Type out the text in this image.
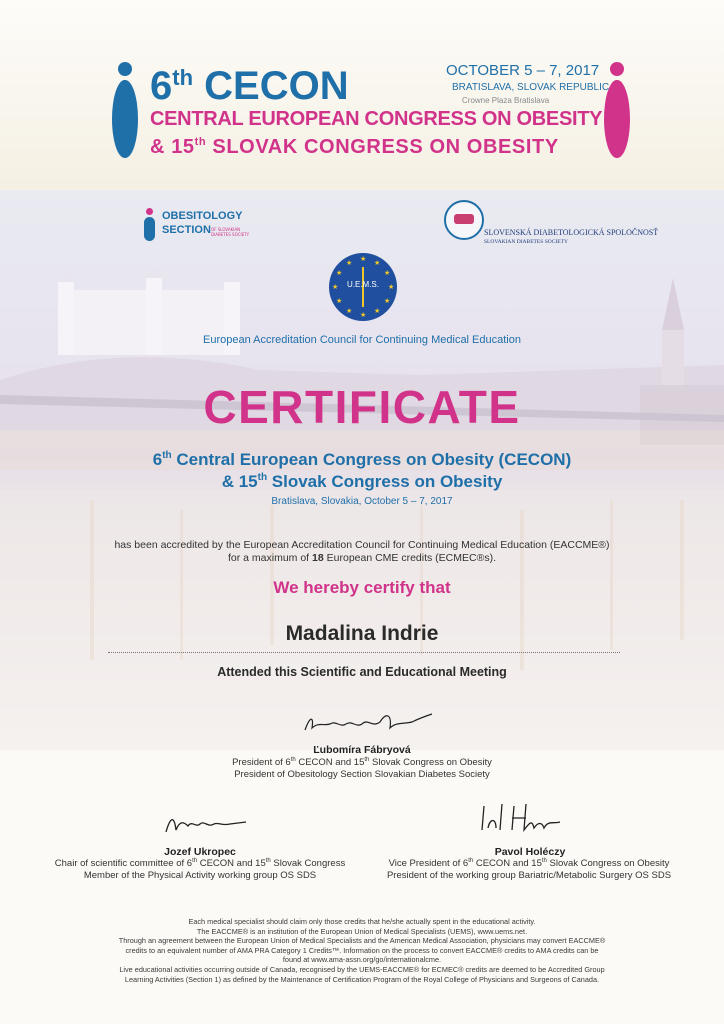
6th CECON	OCTOBER 5 – 7, 2017
BRATISLAVA, SLOVAK REPUBLIC
Crowne Plaza Bratislava
CENTRAL EUROPEAN CONGRESS ON OBESITY
& 15th SLOVAK CONGRESS ON OBESITY
OBESITOLOGY
SECTION OF SLOVAKIAN DIABETES SOCIETY	SLOVENSKÁ DIABETOLOGICKÁ SPOLOČNOSŤ
SLOVAKIAN DIABETES SOCIETY
U.E.M.S.
★ ★
★
★
★
★
★
★
★
★
★
★
European Accreditation Council for Continuing Medical Education
CERTIFICATE
6th Central European Congress on Obesity (CECON)
& 15th Slovak Congress on Obesity
Bratislava, Slovakia, October 5 – 7, 2017
has been accredited by the European Accreditation Council for Continuing Medical Education (EACCME®)
for a maximum of 18 European CME credits (ECMEC®s).
We hereby certify that
Madalina Indrie
Attended this Scientific and Educational Meeting
Ľubomíra Fábryová
President of 6th CECON and 15th Slovak Congress on Obesity
President of Obesitology Section Slovakian Diabetes Society
Jozef Ukropec
Chair of scientific committee of 6th CECON and 15th Slovak Congress
Member of the Physical Activity working group OS SDS
Pavol Holéczy
Vice President of 6th CECON and 15th Slovak Congress on Obesity
President of the working group Bariatric/Metabolic Surgery OS SDS
Each medical specialist should claim only those credits that he/she actually spent in the educational activity.
The EACCME® is an institution of the European Union of Medical Specialists (UEMS), www.uems.net.
Through an agreement between the European Union of Medical Specialists and the American Medical Association, physicians may convert EACCME®
credits to an equivalent number of AMA PRA Category 1 Credits™. Information on the process to convert EACCME® credits to AMA credits can be
found at www.ama-assn.org/go/internationalcme.
Live educational activities occurring outside of Canada, recognised by the UEMS-EACCME® for ECMEC® credits are deemed to be Accredited Group
Learning Activities (Section 1) as defined by the Maintenance of Certification Program of the Royal College of Physicians and Surgeons of Canada.
